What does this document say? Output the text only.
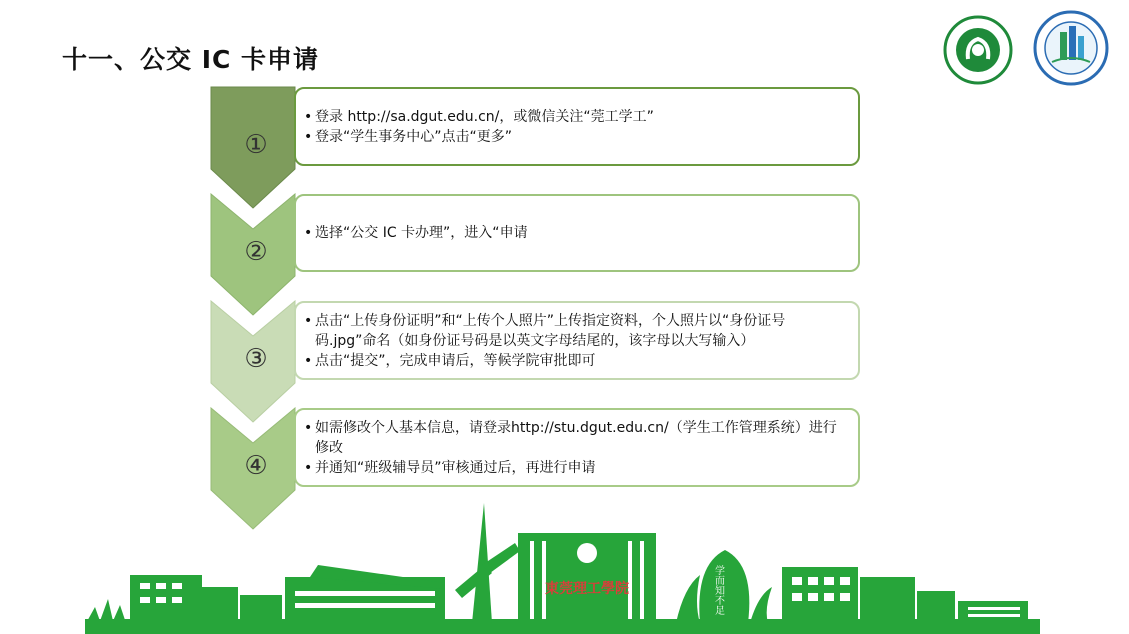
十一、公交 IC 卡申请
①
②
③
④
• 登录 http://sa.dgut.edu.cn/，或微信关注“莞工学工”
• 登录“学生事务中心”点击“更多”
• 选择“公交 IC 卡办理”，进入“申请
• 点击“上传身份证明”和“上传个人照片”上传指定资料，个人照片以“身份证号码.jpg”命名（如身份证号码是以英文字母结尾的，该字母以大写输入）
• 点击“提交”，完成申请后，等候学院审批即可
• 如需修改个人基本信息，请登录http://stu.dgut.edu.cn/（学生工作管理系统）进行修改
• 并通知“班级辅导员”审核通过后，再进行申请
東莞理工學院	学而知不足
